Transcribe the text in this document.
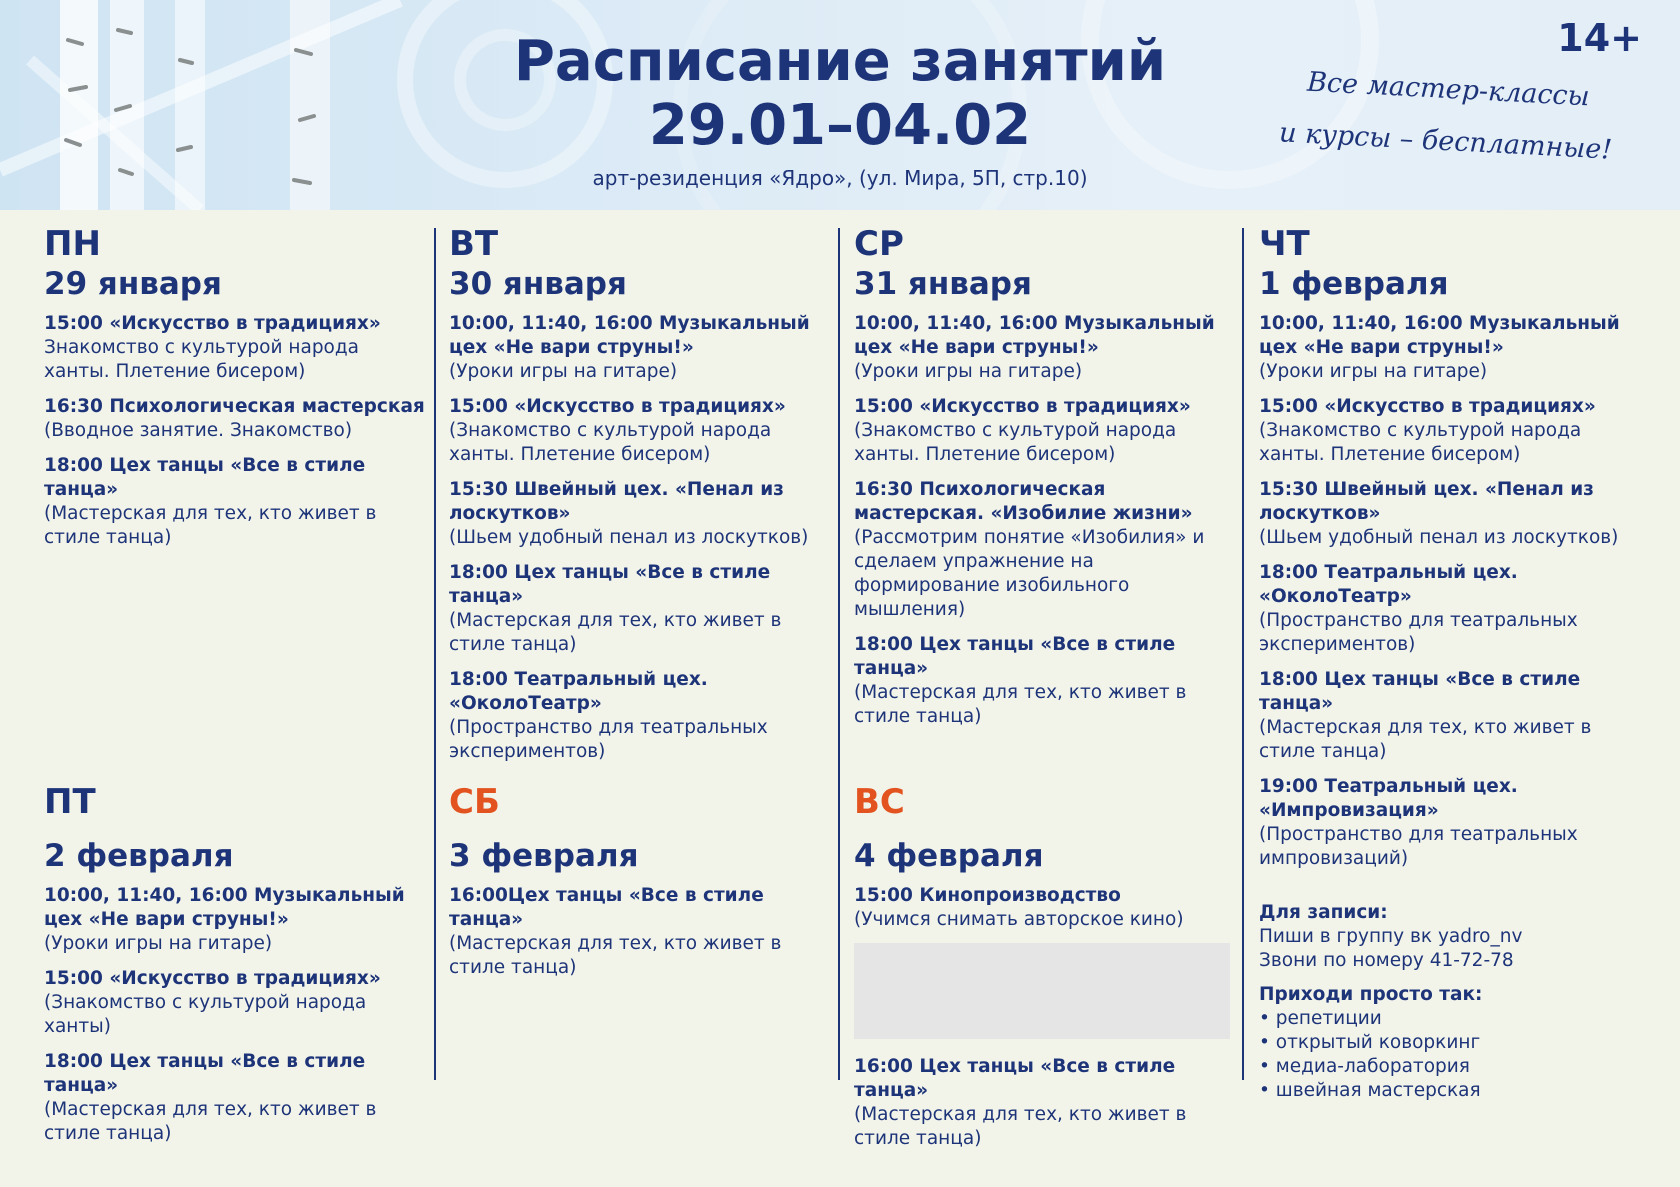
14+
Все мастер-классы
и курсы – бесплатные!
Расписание занятий
29.01–04.02
арт-резиденция «Ядро», (ул. Мира, 5П, стр.10)
ПН
29 января
15:00 «Искусство в традициях»
Знакомство с культурой народа ханты. Плетение бисером)
16:30 Психологическая мастерская
(Вводное занятие. Знакомство)
18:00 Цех танцы «Все в стиле танца»
(Мастерская для тех, кто живет в стиле танца)
ВТ
30 января
10:00, 11:40, 16:00 Музыкальный цех «Не вари струны!»
(Уроки игры на гитаре)
15:00 «Искусство в традициях»
(Знакомство с культурой народа ханты. Плетение бисером)
15:30 Швейный цех. «Пенал из лоскутков»
(Шьем удобный пенал из лоскутков)
18:00 Цех танцы «Все в стиле танца»
(Мастерская для тех, кто живет в стиле танца)
18:00 Театральный цех. «ОколоТеатр»
(Пространство для театральных экспериментов)
СР
31 января
10:00, 11:40, 16:00 Музыкальный цех «Не вари струны!»
(Уроки игры на гитаре)
15:00 «Искусство в традициях»
(Знакомство с культурой народа ханты. Плетение бисером)
16:30 Психологическая мастерская. «Изобилие жизни»
(Рассмотрим понятие «Изобилия» и сделаем упражнение на формирование изобильного мышления)
18:00 Цех танцы «Все в стиле танца»
(Мастерская для тех, кто живет в стиле танца)
ЧТ
1 февраля
10:00, 11:40, 16:00 Музыкальный цех «Не вари струны!»
(Уроки игры на гитаре)
15:00 «Искусство в традициях»
(Знакомство с культурой народа ханты. Плетение бисером)
15:30 Швейный цех. «Пенал из лоскутков»
(Шьем удобный пенал из лоскутков)
18:00 Театральный цех. «ОколоТеатр»
(Пространство для театральных экспериментов)
18:00 Цех танцы «Все в стиле танца»
(Мастерская для тех, кто живет в стиле танца)
19:00 Театральный цех. «Импровизация»
(Пространство для театральных импровизаций)
ПТ
2 февраля
10:00, 11:40, 16:00 Музыкальный цех «Не вари струны!»
(Уроки игры на гитаре)
15:00 «Искусство в традициях»
(Знакомство с культурой народа ханты)
18:00 Цех танцы «Все в стиле танца»
(Мастерская для тех, кто живет в стиле танца)
СБ
3 февраля
16:00Цех танцы «Все в стиле танца»
(Мастерская для тех, кто живет в стиле танца)
ВС
4 февраля
15:00 Кинопроизводство
(Учимся снимать авторское кино)
16:00 Цех танцы «Все в стиле танца»
(Мастерская для тех, кто живет в стиле танца)

Для записи:

Пиши в группу вк yadro_nv

Звони по номеру 41-72-78

Приходи просто так:

• репетиции

• открытый коворкинг

• медиа-лаборатория

• швейная мастерская
